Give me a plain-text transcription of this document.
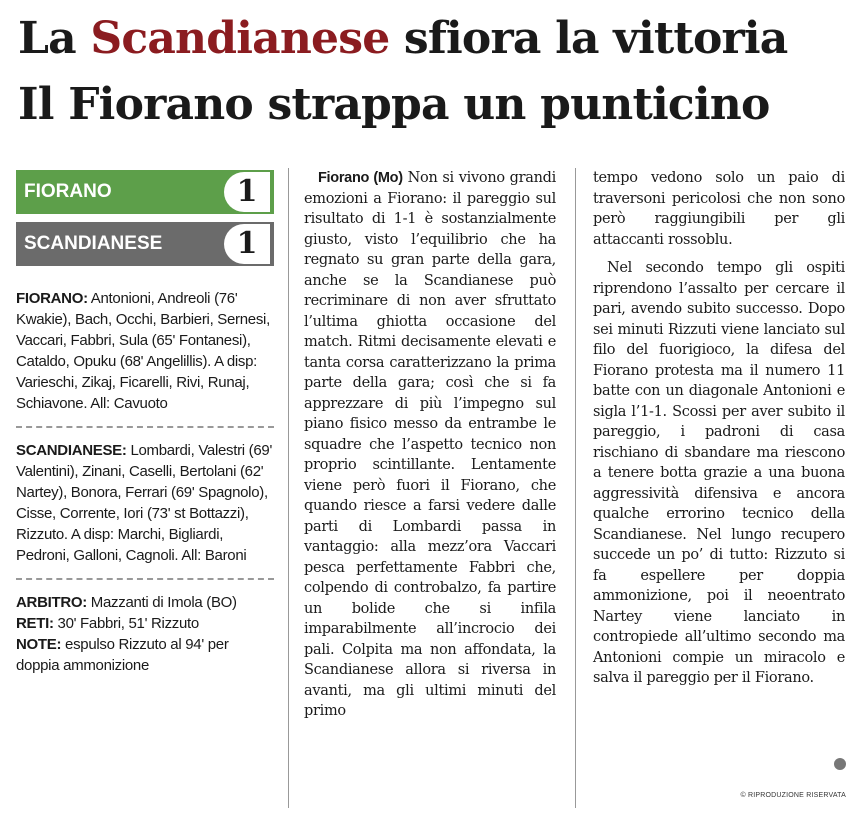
La Scandianese sfiora la vittoria
Il Fiorano strappa un punticino
FIORANO	1
SCANDIANESE	1
FIORANO: Antonioni, Andreoli (76' Kwakie), Bach, Occhi, Barbieri, Sernesi, Vaccari, Fabbri, Sula (65' Fontanesi), Cataldo, Opuku (68' Angelillis). A disp: Varieschi, Zikaj, Ficarelli, Rivi, Runaj, Schiavone. All: Cavuoto
SCANDIANESE: Lombardi, Valestri (69' Valentini), Zinani, Caselli, Bertolani (62' Nartey), Bonora, Ferrari (69' Spagnolo), Cisse, Corrente, Iori (73' st Bottazzi), Rizzuto. A disp: Marchi, Bigliardi, Pedroni, Galloni, Cagnoli. All: Baroni
ARBITRO: Mazzanti di Imola (BO)
RETI: 30' Fabbri, 51' Rizzuto
NOTE: espulso Rizzuto al 94' per doppia ammonizione

Fiorano (Mo) Non si vivono grandi emozioni a Fiorano: il pareggio sul risultato di 1-1 è sostanzialmente giusto, visto l’equilibrio che ha regnato su gran parte della gara, anche se la Scandianese può recriminare di non aver sfruttato l’ultima ghiotta occasione del match. Ritmi decisamente elevati e tanta corsa caratterizzano la prima parte della gara; così che si fa apprezzare di più l’impegno sul piano fisico messo da entrambe le squadre che l’aspetto tecnico non proprio scintillante. Lentamente viene però fuori il Fiorano, che quando riesce a farsi vedere dalle parti di Lombardi passa in vantaggio: alla mezz’ora Vaccari pesca perfettamente Fabbri che, colpendo di controbalzo, fa partire un bolide che si infila imparabilmente all’incrocio dei pali. Colpita ma non affondata, la Scandianese allora si riversa in avanti, ma gli ultimi minuti del primo

tempo vedono solo un paio di traversoni pericolosi che non sono però raggiungibili per gli attaccanti rossoblu.

Nel secondo tempo gli ospiti riprendono l’assalto per cercare il pari, avendo subito successo. Dopo sei minuti Rizzuti viene lanciato sul filo del fuorigioco, la difesa del Fiorano protesta ma il numero 11 batte con un diagonale Antonioni e sigla l’1-1. Scossi per aver subito il pareggio, i padroni di casa rischiano di sbandare ma riescono a tenere botta grazie a una buona aggressività difensiva e ancora qualche errorino tecnico della Scandianese. Nel lungo recupero succede un po’ di tutto: Rizzuto si fa espellere per doppia ammonizione, poi il neoentrato Nartey viene lanciato in contropiede all’ultimo secondo ma Antonioni compie un miracolo e salva il pareggio per il Fiorano.

© RIPRODUZIONE RISERVATA
